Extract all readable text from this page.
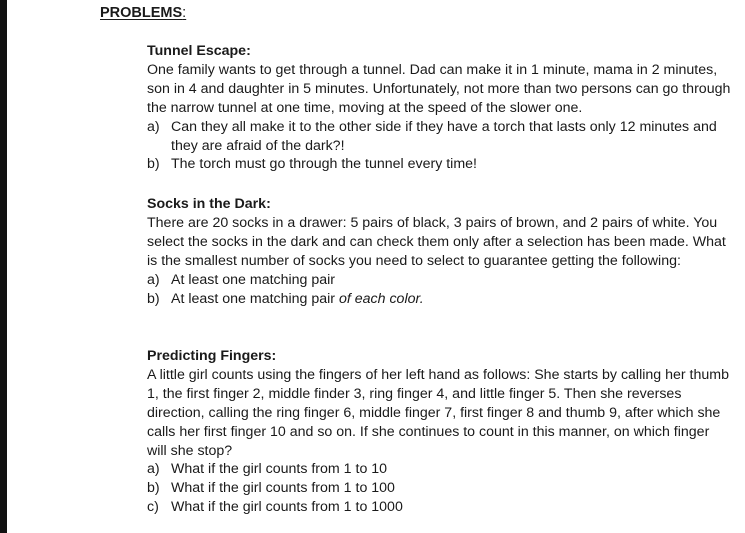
PROBLEMS:
Tunnel Escape:

One family wants to get through a tunnel. Dad can make it in 1 minute, mama in 2 minutes, son in 4 and daughter in 5 minutes. Unfortunately, not more than two persons can go through the narrow tunnel at one time, moving at the speed of the slower one.

a) Can they all make it to the other side if they have a torch that lasts only 12 minutes and they are afraid of the dark?!
b) The torch must go through the tunnel every time!
Socks in the Dark:

There are 20 socks in a drawer: 5 pairs of black, 3 pairs of brown, and 2 pairs of white. You select the socks in the dark and can check them only after a selection has been made. What is the smallest number of socks you need to select to guarantee getting the following:

a) At least one matching pair
b) At least one matching pair of each color.
Predicting Fingers:

A little girl counts using the fingers of her left hand as follows: She starts by calling her thumb 1, the first finger 2, middle finder 3, ring finger 4, and little finger 5. Then she reverses direction, calling the ring finger 6, middle finger 7, first finger 8 and thumb 9, after which she calls her first finger 10 and so on. If she continues to count in this manner, on which finger will she stop?

a) What if the girl counts from 1 to 10
b) What if the girl counts from 1 to 100
c) What if the girl counts from 1 to 1000
